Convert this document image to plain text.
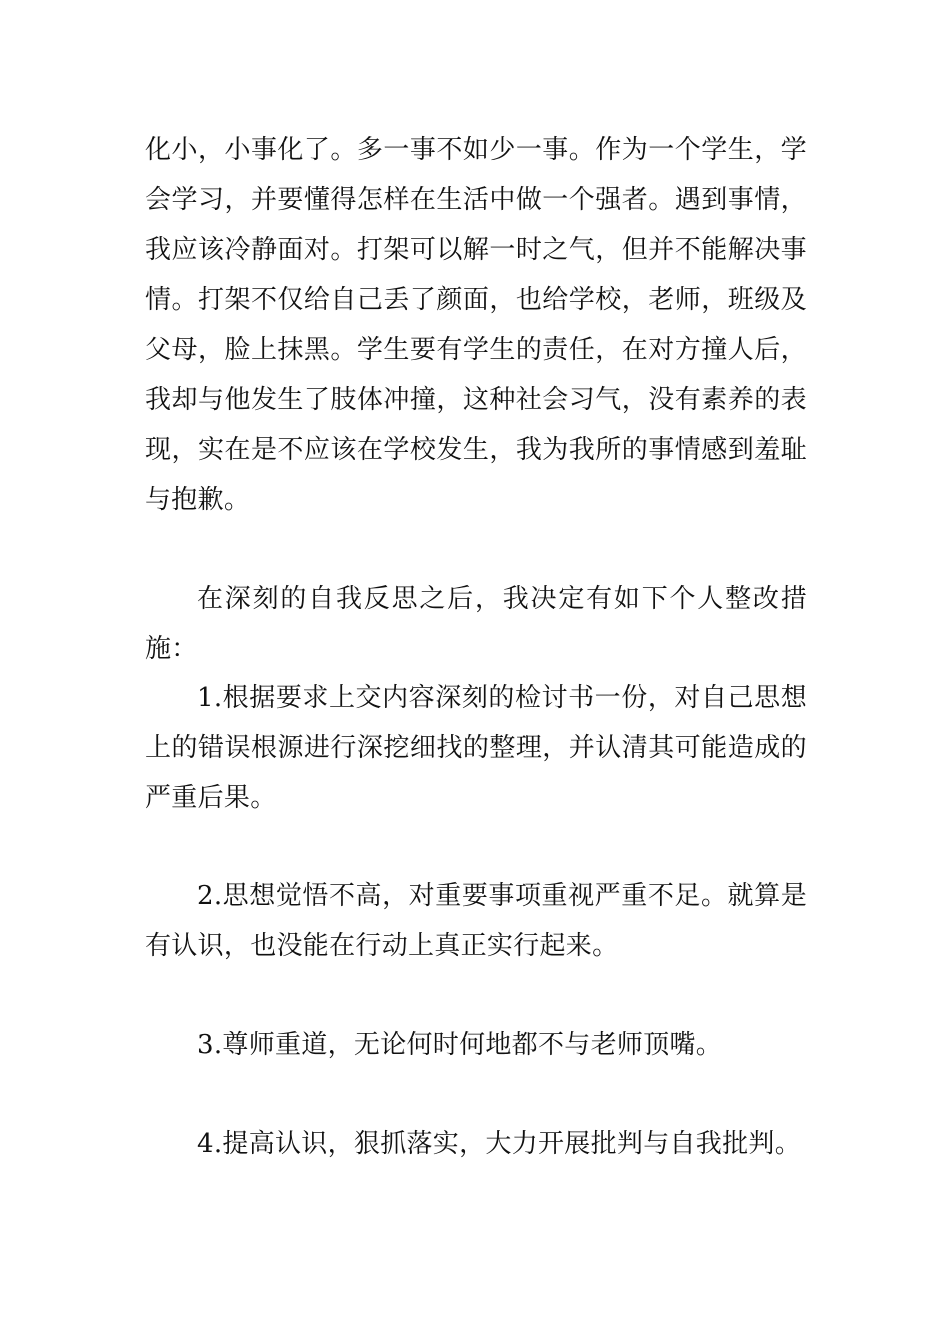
化小，小事化了。多一事不如少一事。作为一个学生，学会学习，并要懂得怎样在生活中做一个强者。遇到事情，我应该冷静面对。打架可以解一时之气，但并不能解决事情。打架不仅给自己丢了颜面，也给学校，老师，班级及父母，脸上抹黑。学生要有学生的责任，在对方撞人后，我却与他发生了肢体冲撞，这种社会习气，没有素养的表现，实在是不应该在学校发生，我为我所的事情感到羞耻与抱歉。

在深刻的自我反思之后，我决定有如下个人整改措施：

1.根据要求上交内容深刻的检讨书一份，对自己思想上的错误根源进行深挖细找的整理，并认清其可能造成的严重后果。

2.思想觉悟不高，对重要事项重视严重不足。就算是有认识，也没能在行动上真正实行起来。

3.尊师重道，无论何时何地都不与老师顶嘴。

4.提高认识，狠抓落实，大力开展批判与自我批判。
